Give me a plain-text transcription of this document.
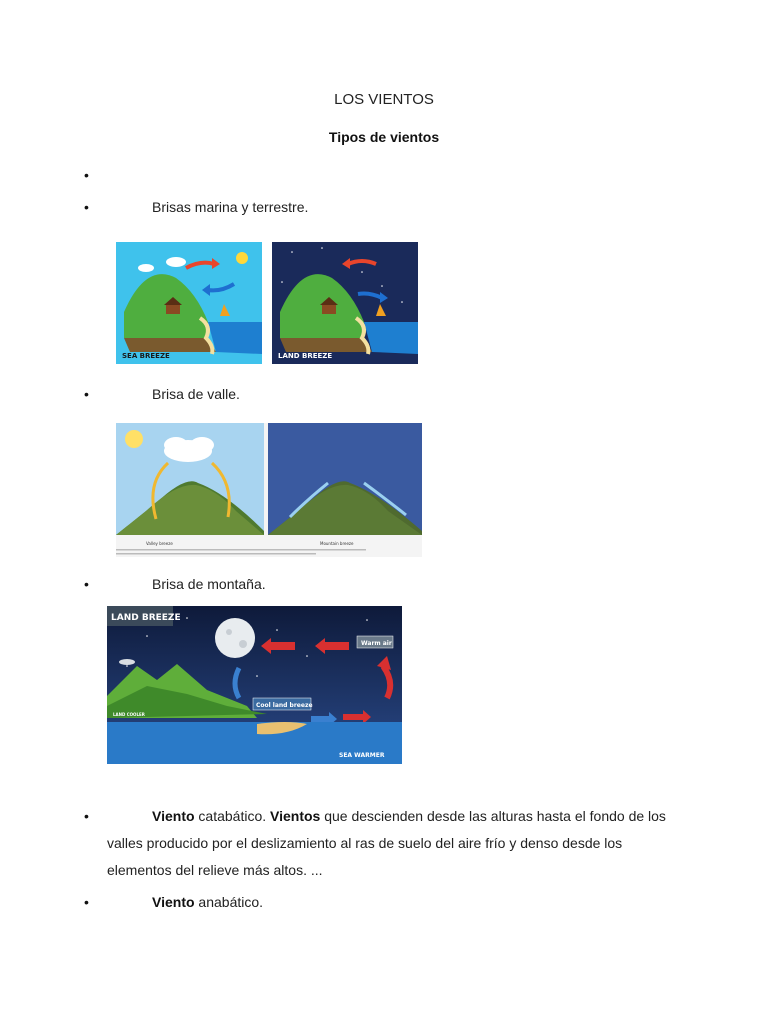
LOS VIENTOS
Tipos de vientos
•
•	Brisas marina y terrestre.
SEA BREEZE	LAND BREEZE
•	Brisa de valle.
Valley breeze	Mountain breeze
•	Brisa de montaña.
LAND BREEZE
Warm air
Cool land breeze
LAND COOLER
SEA WARMER
•	Viento catabático. Vientos que descienden desde las alturas hasta el fondo de los valles producido por el deslizamiento al ras de suelo del aire frío y denso desde los elementos del relieve más altos. ...
•	Viento anabático.
